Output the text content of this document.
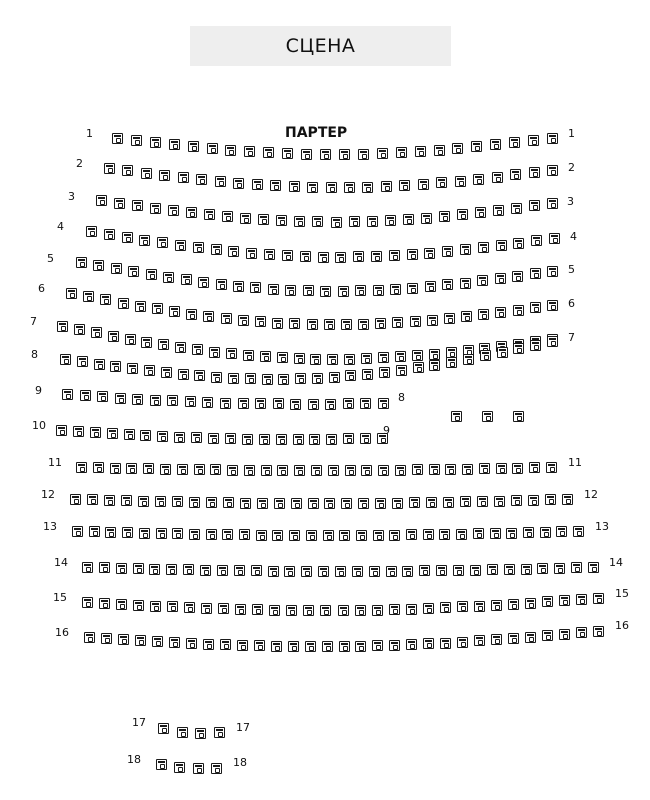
СЦЕНА
ПАРТЕР
1	1
2	2
3	3
4
4
5
5
6
6
7
7
8
9
8
10	9
11	11
12	12
13	13
14	14
15	15
16
16
17	17
18	18
